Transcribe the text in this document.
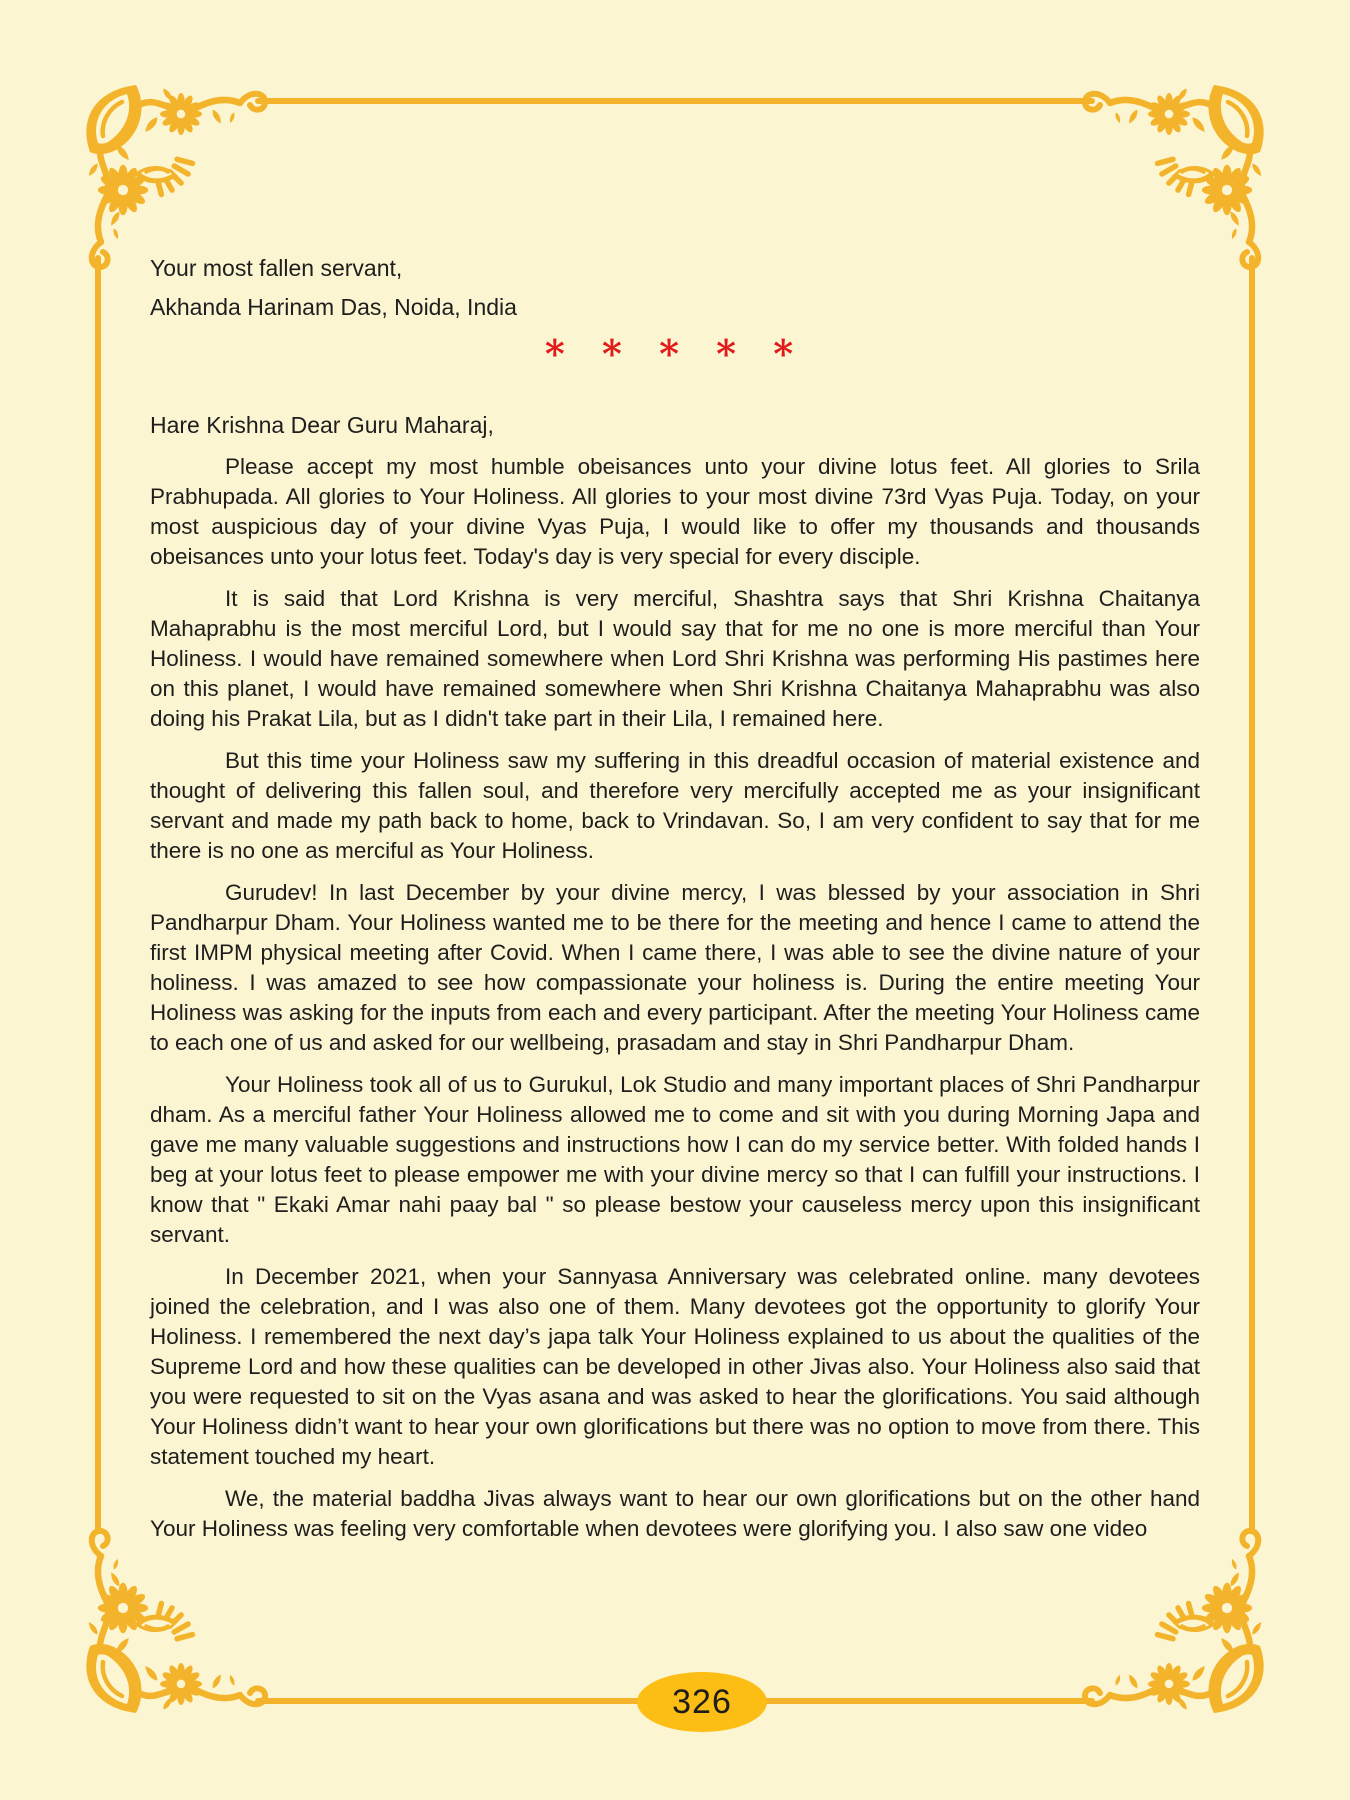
Your most fallen servant,

Akhanda Harinam Das, Noida, India

* * * * *

Hare Krishna Dear Guru Maharaj,

Please accept my most humble obeisances unto your divine lotus feet. All glories to Srila Prabhupada. All glories to Your Holiness. All glories to your most divine 73rd Vyas Puja. Today, on your most auspicious day of your divine Vyas Puja, I would like to offer my thousands and thousands obeisances unto your lotus feet. Today's day is very special for every disciple.

It is said that Lord Krishna is very merciful, Shashtra says that Shri Krishna Chaitanya Mahaprabhu is the most merciful Lord, but I would say that for me no one is more merciful than Your Holiness. I would have remained somewhere when Lord Shri Krishna was performing His pastimes here on this planet, I would have remained somewhere when Shri Krishna Chaitanya Mahaprabhu was also doing his Prakat Lila, but as I didn't take part in their Lila, I remained here.

But this time your Holiness saw my suffering in this dreadful occasion of material existence and thought of delivering this fallen soul, and therefore very mercifully accepted me as your insignificant servant and made my path back to home, back to Vrindavan. So, I am very confident to say that for me there is no one as merciful as Your Holiness.

Gurudev! In last December by your divine mercy, I was blessed by your association in Shri Pandharpur Dham. Your Holiness wanted me to be there for the meeting and hence I came to attend the first IMPM physical meeting after Covid. When I came there, I was able to see the divine nature of your holiness. I was amazed to see how compassionate your holiness is. During the entire meeting Your Holiness was asking for the inputs from each and every participant. After the meeting Your Holiness came to each one of us and asked for our wellbeing, prasadam and stay in Shri Pandharpur Dham.

Your Holiness took all of us to Gurukul, Lok Studio and many important places of Shri Pandharpur dham. As a merciful father Your Holiness allowed me to come and sit with you during Morning Japa and gave me many valuable suggestions and instructions how I can do my service better. With folded hands I beg at your lotus feet to please empower me with your divine mercy so that I can fulfill your instructions. I know that " Ekaki Amar nahi paay bal " so please bestow your causeless mercy upon this insignificant servant.

In December 2021, when your Sannyasa Anniversary was celebrated online. many devotees joined the celebration, and I was also one of them. Many devotees got the opportunity to glorify Your Holiness. I remembered the next day’s japa talk Your Holiness explained to us about the qualities of the Supreme Lord and how these qualities can be developed in other Jivas also. Your Holiness also said that you were requested to sit on the Vyas asana and was asked to hear the glorifications. You said although Your Holiness didn’t want to hear your own glorifications but there was no option to move from there. This statement touched my heart.

We, the material baddha Jivas always want to hear our own glorifications but on the other hand Your Holiness was feeling very comfortable when devotees were glorifying you. I also saw one video

326
